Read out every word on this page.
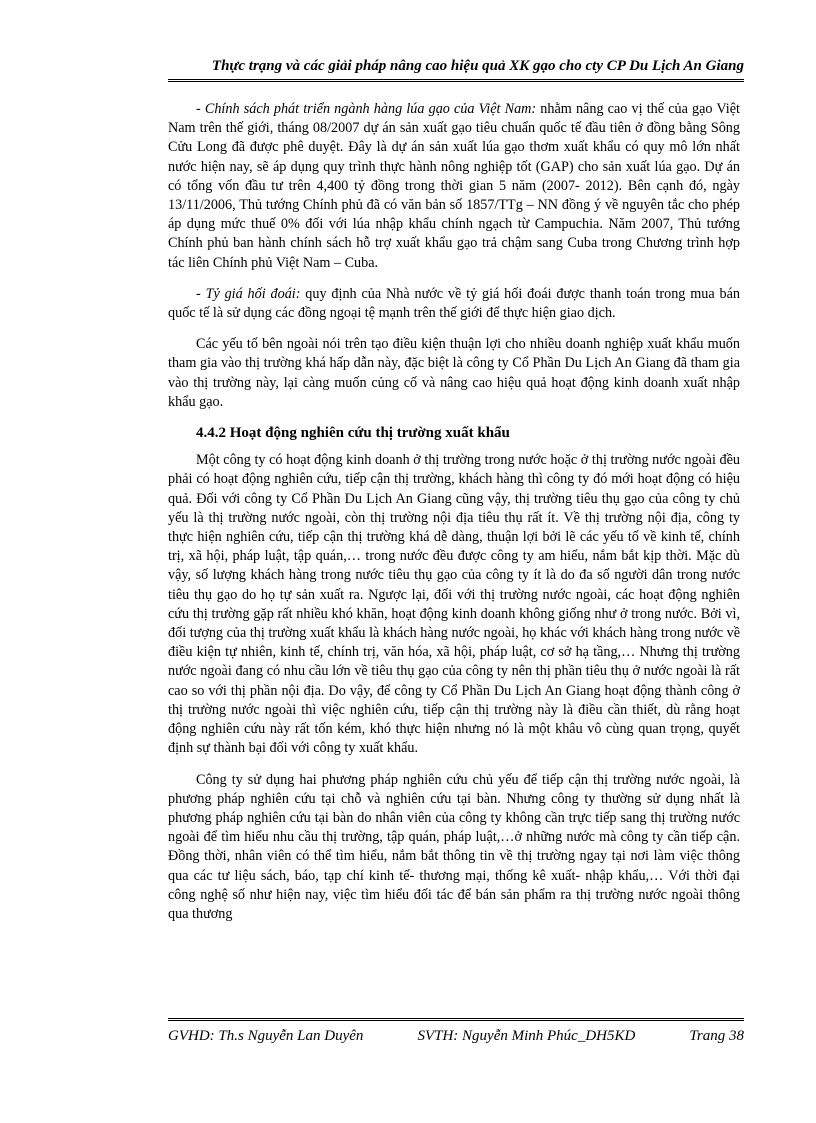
Thực trạng và các giải pháp nâng cao hiệu quả XK gạo cho cty CP Du Lịch An Giang

- Chính sách phát triển ngành hàng lúa gạo của Việt Nam: nhằm nâng cao vị thế của gạo Việt Nam trên thế giới, tháng 08/2007 dự án sản xuất gạo tiêu chuẩn quốc tế đầu tiên ở đồng bằng Sông Cửu Long đã được phê duyệt. Đây là dự án sản xuất lúa gạo thơm xuất khẩu có quy mô lớn nhất nước hiện nay, sẽ áp dụng quy trình thực hành nông nghiệp tốt (GAP) cho sản xuất lúa gạo. Dự án có tổng vốn đầu tư trên 4,400 tỷ đồng trong thời gian 5 năm (2007- 2012). Bên cạnh đó, ngày 13/11/2006, Thủ tướng Chính phủ đã có văn bản số 1857/TTg – NN đồng ý về nguyên tắc cho phép áp dụng mức thuế 0% đối với lúa nhập khẩu chính ngạch từ Campuchia. Năm 2007, Thủ tướng Chính phủ ban hành chính sách hỗ trợ xuất khẩu gạo trả chậm sang Cuba trong Chương trình hợp tác liên Chính phủ Việt Nam – Cuba.

- Tỷ giá hối đoái: quy định của Nhà nước về tỷ giá hối đoái được thanh toán trong mua bán quốc tế là sử dụng các đồng ngoại tệ mạnh trên thế giới để thực hiện giao dịch.

Các yếu tố bên ngoài nói trên tạo điều kiện thuận lợi cho nhiều doanh nghiệp xuất khẩu muốn tham gia vào thị trường khá hấp dẫn này, đặc biệt là công ty Cổ Phần Du Lịch An Giang đã tham gia vào thị trường này, lại càng muốn củng cố và nâng cao hiệu quả hoạt động kinh doanh xuất nhập khẩu gạo.

4.4.2 Hoạt động nghiên cứu thị trường xuất khẩu

Một công ty có hoạt động kinh doanh ở thị trường trong nước hoặc ở thị trường nước ngoài đều phải có hoạt động nghiên cứu, tiếp cận thị trường, khách hàng thì công ty đó mới hoạt động có hiệu quả. Đối với công ty Cổ Phần Du Lịch An Giang cũng vậy, thị trường tiêu thụ gạo của công ty chủ yếu là thị trường nước ngoài, còn thị trường nội địa tiêu thụ rất ít. Về thị trường nội địa, công ty thực hiện nghiên cứu, tiếp cận thị trường khá dễ dàng, thuận lợi bởi lẽ các yếu tố về kinh tế, chính trị, xã hội, pháp luật, tập quán,… trong nước đều được công ty am hiểu, nắm bắt kịp thời. Mặc dù vậy, số lượng khách hàng trong nước tiêu thụ gạo của công ty ít là do đa số người dân trong nước tiêu thụ gạo do họ tự sản xuất ra. Ngược lại, đối với thị trường nước ngoài, các hoạt động nghiên cứu thị trường gặp rất nhiều khó khăn, hoạt động kinh doanh không giống như ở trong nước. Bởi vì, đối tượng của thị trường xuất khẩu là khách hàng nước ngoài, họ khác với khách hàng trong nước về điều kiện tự nhiên, kinh tế, chính trị, văn hóa, xã hội, pháp luật, cơ sở hạ tầng,… Nhưng thị trường nước ngoài đang có nhu cầu lớn về tiêu thụ gạo của công ty nên thị phần tiêu thụ ở nước ngoài là rất cao so với thị phần nội địa. Do vậy, để công ty Cổ Phần Du Lịch An Giang hoạt động thành công ở thị trường nước ngoài thì việc nghiên cứu, tiếp cận thị trường này là điều cần thiết, dù rằng hoạt động nghiên cứu này rất tốn kém, khó thực hiện nhưng nó là một khâu vô cùng quan trọng, quyết định sự thành bại đối với công ty xuất khẩu.

Công ty sử dụng hai phương pháp nghiên cứu chủ yếu để tiếp cận thị trường nước ngoài, là phương pháp nghiên cứu tại chỗ và nghiên cứu tại bàn. Nhưng công ty thường sử dụng nhất là phương pháp nghiên cứu tại bàn do nhân viên của công ty không cần trực tiếp sang thị trường nước ngoài để tìm hiểu nhu cầu thị trường, tập quán, pháp luật,…ở những nước mà công ty cần tiếp cận. Đồng thời, nhân viên có thể tìm hiểu, nắm bắt thông tin về thị trường ngay tại nơi làm việc thông qua các tư liệu sách, báo, tạp chí kinh tế- thương mại, thống kê xuất- nhập khẩu,… Với thời đại công nghệ số như hiện nay, việc tìm hiểu đối tác để bán sản phẩm ra thị trường nước ngoài thông qua thương

GVHD: Th.s Nguyễn Lan Duyên	SVTH: Nguyễn Minh Phúc_DH5KD	Trang 38
